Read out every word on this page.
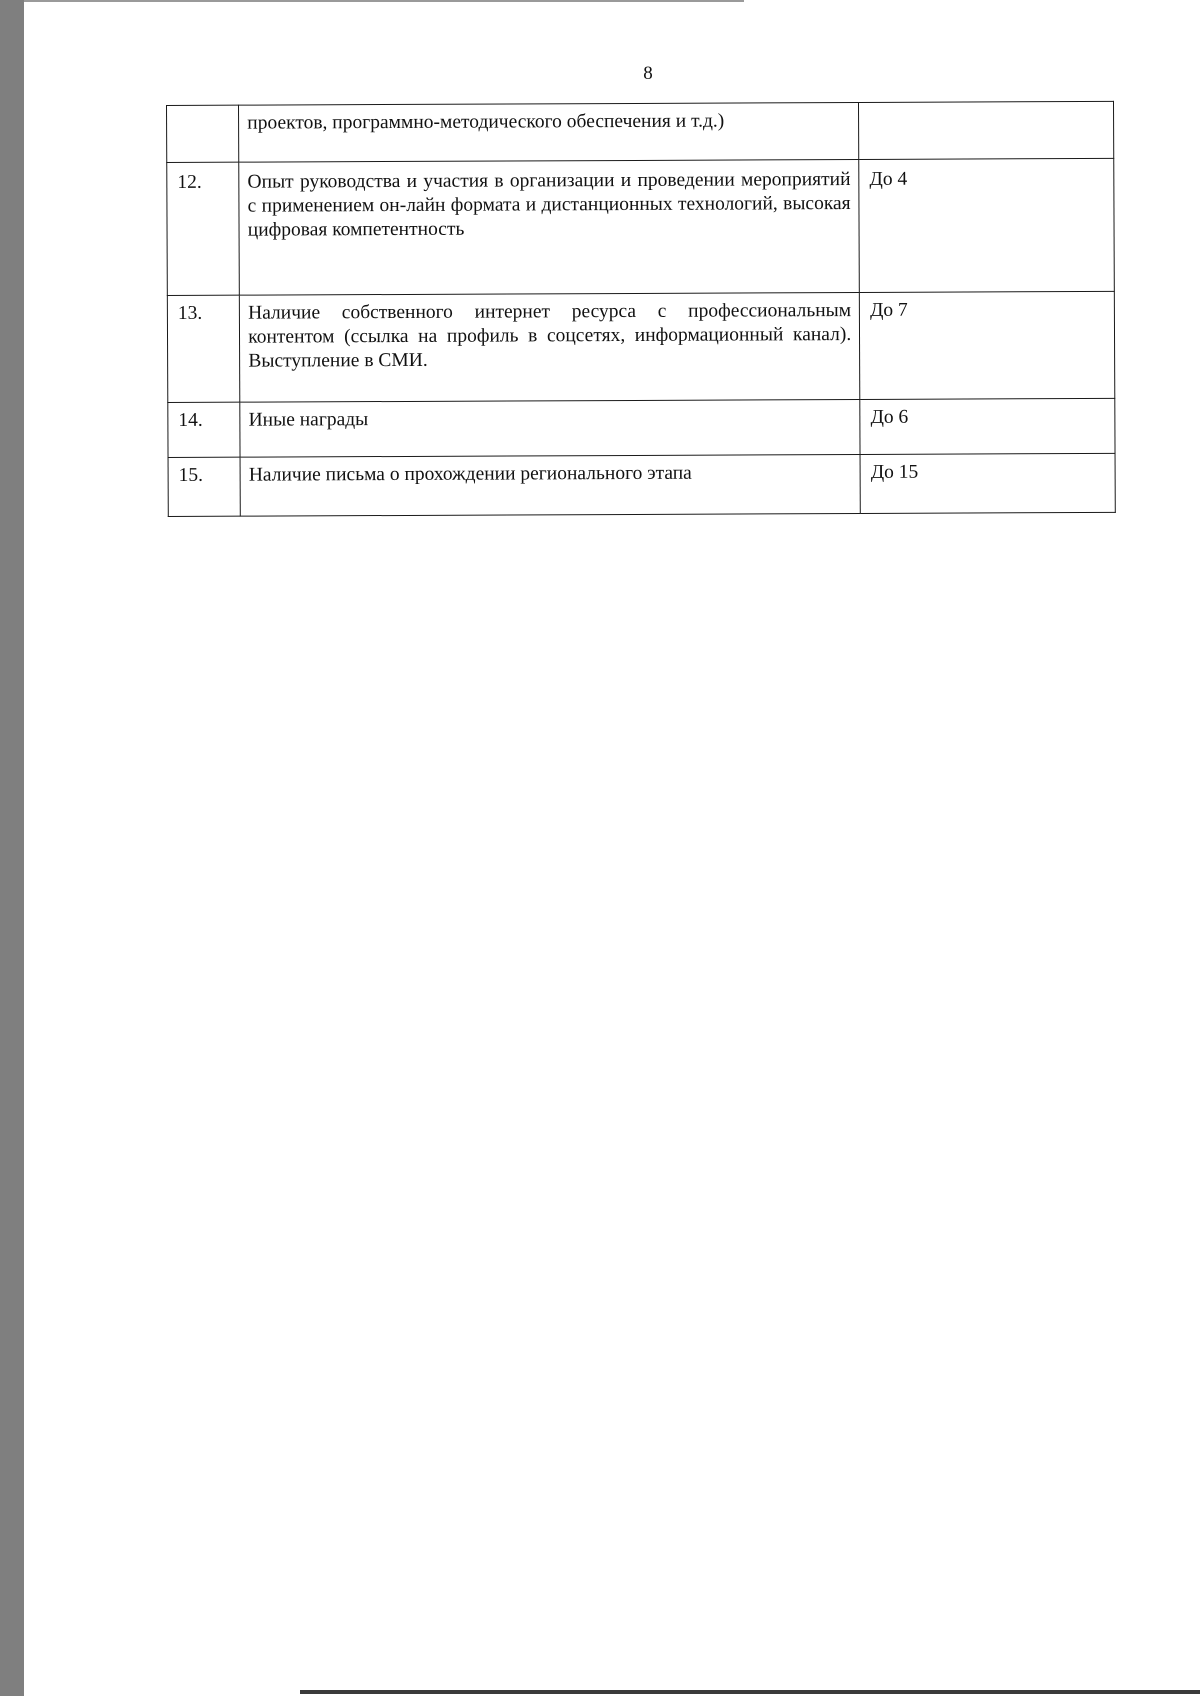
8
	проектов, программно-методического обеспечения и т.д.)	
12.	Опыт руководства и участия в организации и проведении мероприятий с применением он-лайн формата и дистанционных технологий, высокая цифровая компетентность	До 4
13.	Наличие собственного интернет ресурса с профессиональным контентом (ссылка на профиль в соцсетях, информационный канал). Выступление в СМИ.	До 7
14.	Иные награды	До 6
15.	Наличие письма о прохождении регионального этапа	До 15
